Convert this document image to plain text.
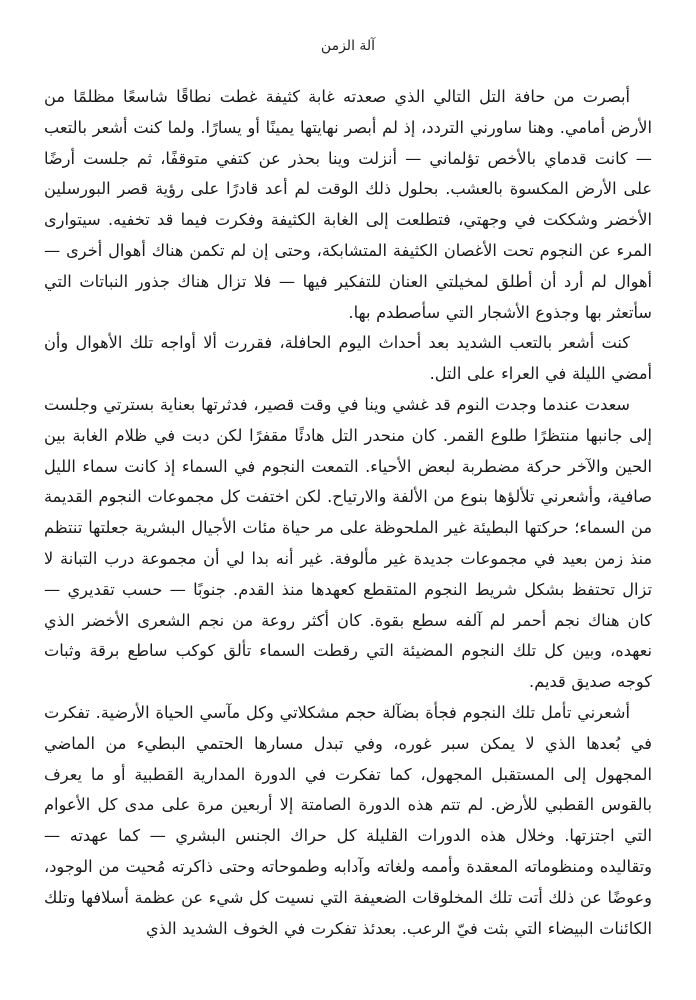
آلة الزمن

أبصرت من حافة التل التالي الذي صعدته غابة كثيفة غطت نطاقًا شاسعًا مظلمًا من الأرض أمامي. وهنا ساورني التردد، إذ لم أبصر نهايتها يمينًا أو يسارًا. ولما كنت أشعر بالتعب — كانت قدماي بالأخص تؤلماني — أنزلت وينا بحذر عن كتفي متوقفًا، ثم جلست أرضًا على الأرض المكسوة بالعشب. بحلول ذلك الوقت لم أعد قادرًا على رؤية قصر البورسلين الأخضر وشككت في وجهتي، فتطلعت إلى الغابة الكثيفة وفكرت فيما قد تخفيه. سيتوارى المرء عن النجوم تحت الأغصان الكثيفة المتشابكة، وحتى إن لم تكمن هناك أهوال أخرى — أهوال لم أرد أن أطلق لمخيلتي العنان للتفكير فيها — فلا تزال هناك جذور النباتات التي سأتعثر بها وجذوع الأشجار التي سأصطدم بها.

كنت أشعر بالتعب الشديد بعد أحداث اليوم الحافلة، فقررت ألا أواجه تلك الأهوال وأن أمضي الليلة في العراء على التل.

سعدت عندما وجدت النوم قد غشي وينا في وقت قصير، فدثرتها بعناية بسترتي وجلست إلى جانبها منتظرًا طلوع القمر. كان منحدر التل هادئًا مقفرًا لكن دبت في ظلام الغابة بين الحين والآخر حركة مضطربة لبعض الأحياء. التمعت النجوم في السماء إذ كانت سماء الليل صافية، وأشعرني تلألؤها بنوع من الألفة والارتياح. لكن اختفت كل مجموعات النجوم القديمة من السماء؛ حركتها البطيئة غير الملحوظة على مر حياة مئات الأجيال البشرية جعلتها تنتظم منذ زمن بعيد في مجموعات جديدة غير مألوفة. غير أنه بدا لي أن مجموعة درب التبانة لا تزال تحتفظ بشكل شريط النجوم المتقطع كعهدها منذ القدم. جنوبًا — حسب تقديري — كان هناك نجم أحمر لم آلفه سطع بقوة. كان أكثر روعة من نجم الشعرى الأخضر الذي نعهده، وبين كل تلك النجوم المضيئة التي رقطت السماء تألق كوكب ساطع برقة وثبات كوجه صديق قديم.

أشعرني تأمل تلك النجوم فجأة بضآلة حجم مشكلاتي وكل مآسي الحياة الأرضية. تفكرت في بُعدها الذي لا يمكن سبر غوره، وفي تبدل مسارها الحتمي البطيء من الماضي المجهول إلى المستقبل المجهول، كما تفكرت في الدورة المدارية القطبية أو ما يعرف بالقوس القطبي للأرض. لم تتم هذه الدورة الصامتة إلا أربعين مرة على مدى كل الأعوام التي اجتزتها. وخلال هذه الدورات القليلة كل حراك الجنس البشري — كما عهدته — وتقاليده ومنظوماته المعقدة وأممه ولغاته وآدابه وطموحاته وحتى ذاكرته مُحيت من الوجود، وعوضًا عن ذلك أتت تلك المخلوقات الضعيفة التي نسيت كل شيء عن عظمة أسلافها وتلك الكائنات البيضاء التي بثت فيّ الرعب. بعدئذ تفكرت في الخوف الشديد الذي
